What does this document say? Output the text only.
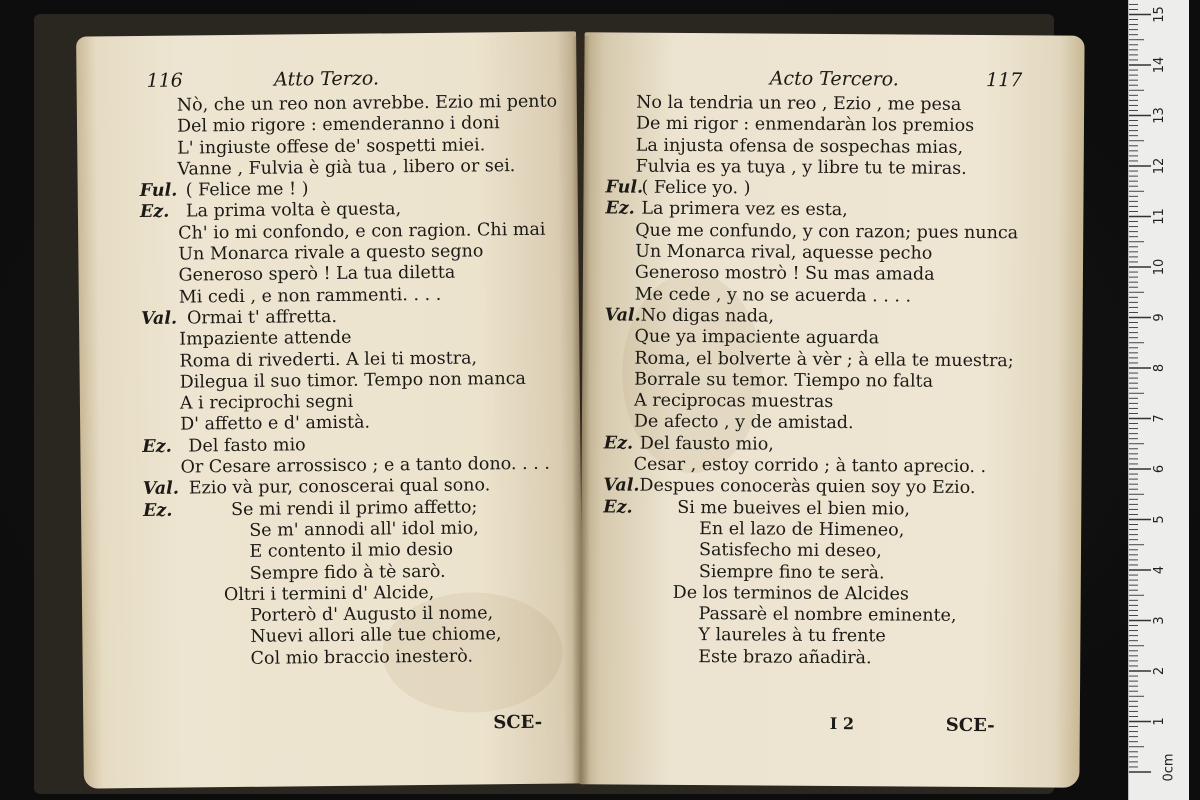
116	Atto Terzo.
Nò, che un reo non avrebbe. Ezio mi pento
Del mio rigore : emenderanno i doni
L' ingiuste offese de' sospetti miei.
Vanne , Fulvia è già tua , libero or sei.
Ful. ( Felice me ! )
Ez. La prima volta è questa,
Ch' io mi confondo, e con ragion. Chi mai
Un Monarca rivale a questo segno
Generoso sperò ! La tua diletta
Mi cedi , e non rammenti. . . .
Val. Ormai t' affretta.
Impaziente attende
Roma di rivederti. A lei ti mostra,
Dilegua il suo timor. Tempo non manca
A i reciprochi segni
D' affetto e d' amistà.
Ez. Del fasto mio
Or Cesare arrossisco ; e a tanto dono. . . .
Val. Ezio và pur, conoscerai qual sono.
Ez.	Se mi rendi il primo affetto;
Se m' annodi all' idol mio,
E contento il mio desio
Sempre fido à tè sarò.
Oltri i termini d' Alcide,
Porterò d' Augusto il nome,
Nuevi allori alle tue chiome,
Col mio braccio inesterò.
SCE-
Acto Tercero.	117
No la tendria un reo , Ezio , me pesa
De mi rigor : enmendaràn los premios
La injusta ofensa de sospechas mias,
Fulvia es ya tuya , y libre tu te miras.
Ful.
( Felice yo. )
Ez. La primera vez es esta,
Que me confundo, y con razon; pues nunca
Un Monarca rival, aquesse pecho
Generoso mostrò ! Su mas amada
Me cede , y no se acuerda . . . .
Val. No digas nada,
Que ya impaciente aguarda
Roma, el bolverte à vèr ; à ella te muestra;
Borrale su temor. Tiempo no falta
A reciprocas muestras
De afecto , y de amistad.
Ez. Del fausto mio,
Cesar , estoy corrido ; à tanto aprecio. .
Val. Despues conoceràs quien soy yo Ezio.
Ez.	Si me bueives el bien mio,
En el lazo de Himeneo,
Satisfecho mi deseo,
Siempre fino te serà.
De los terminos de Alcides
Passarè el nombre eminente,
Y laureles à tu frente
Este brazo añadirà.
I 2	SCE-	1
2
3
4
5
6
7
8
9
10
11
12
13
14
15
0cm
